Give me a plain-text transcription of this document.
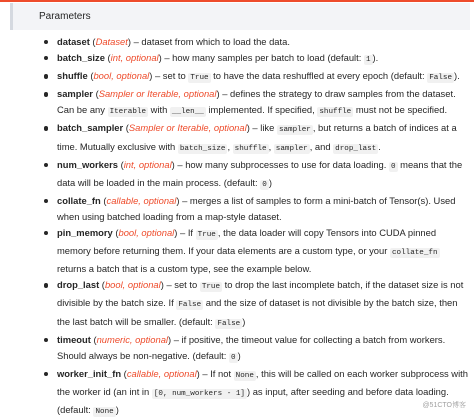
Parameters
dataset (Dataset) – dataset from which to load the data.
batch_size (int, optional) – how many samples per batch to load (default: 1 ).
shuffle (bool, optional) – set to True to have the data reshuffled at every epoch (default: False ).
sampler (Sampler or Iterable, optional) – defines the strategy to draw samples from the dataset. Can be any Iterable with __len__ implemented. If specified, shuffle must not be specified.
batch_sampler (Sampler or Iterable, optional) – like sampler , but returns a batch of indices at a time. Mutually exclusive with batch_size , shuffle , sampler , and drop_last .
num_workers (int, optional) – how many subprocesses to use for data loading. 0 means that the data will be loaded in the main process. (default: 0 )
collate_fn (callable, optional) – merges a list of samples to form a mini-batch of Tensor(s). Used when using batched loading from a map-style dataset.
pin_memory (bool, optional) – If True , the data loader will copy Tensors into CUDA pinned memory before returning them. If your data elements are a custom type, or your collate_fn returns a batch that is a custom type, see the example below.
drop_last (bool, optional) – set to True to drop the last incomplete batch, if the dataset size is not divisible by the batch size. If False and the size of dataset is not divisible by the batch size, then the last batch will be smaller. (default: False )
timeout (numeric, optional) – if positive, the timeout value for collecting a batch from workers. Should always be non-negative. (default: 0 )
worker_init_fn (callable, optional) – If not None , this will be called on each worker subprocess with the worker id (an int in [0, num_workers - 1] ) as input, after seeding and before data loading. (default: None )	@51CTO博客
